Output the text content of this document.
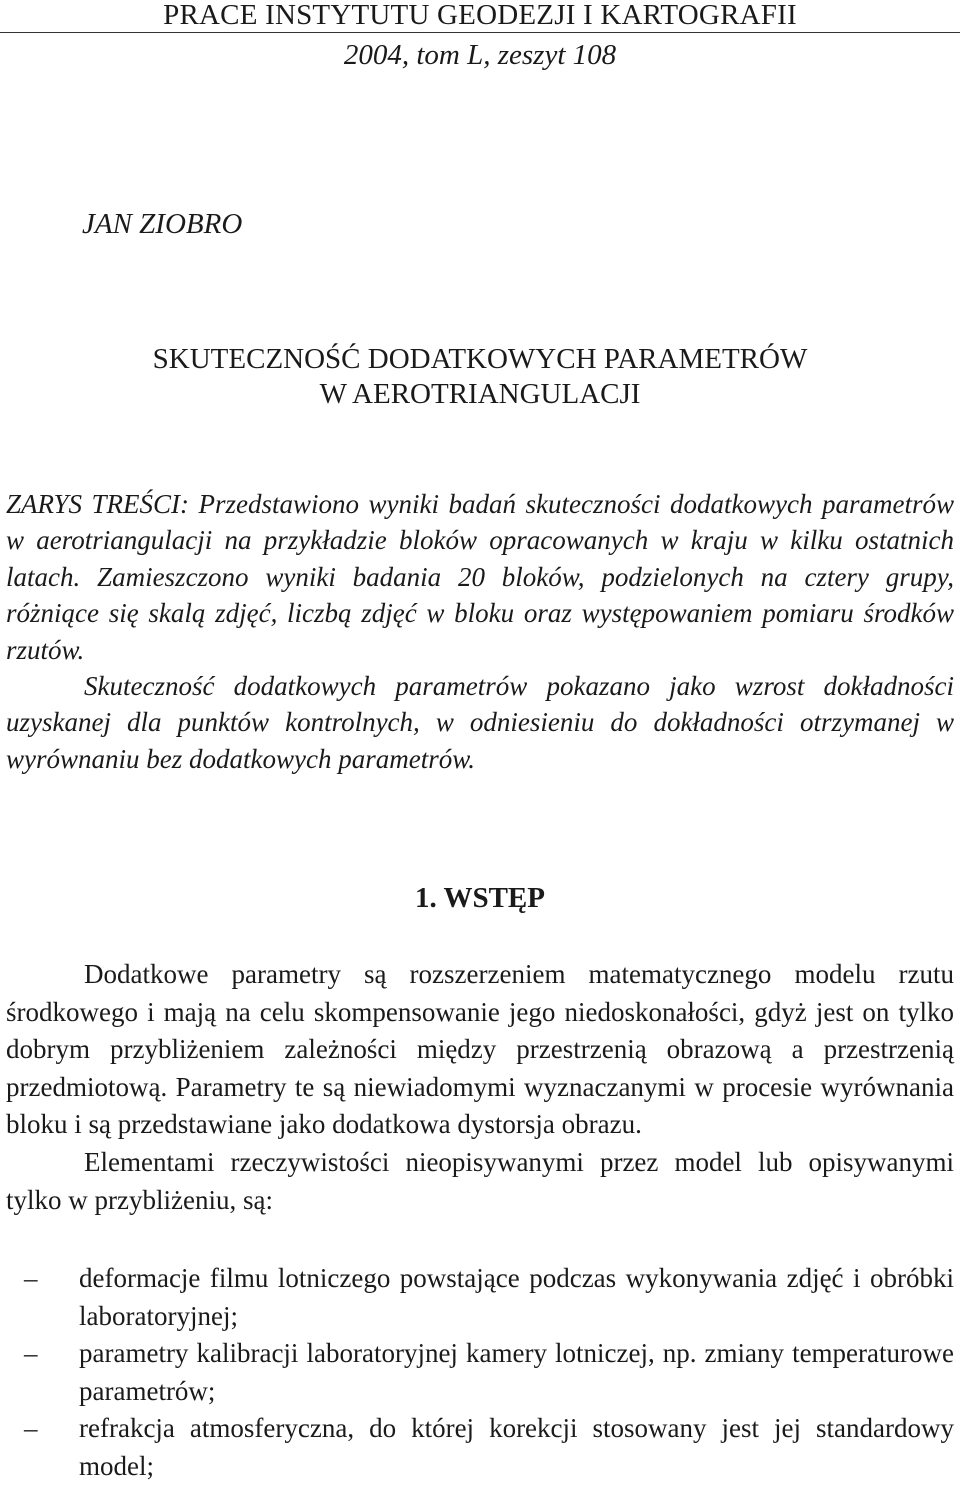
PRACE INSTYTUTU GEODEZJI I KARTOGRAFII
2004, tom L, zeszyt 108
JAN ZIOBRO
SKUTECZNOŚĆ DODATKOWYCH PARAMETRÓW
W AEROTRIANGULACJI

ZARYS TREŚCI: Przedstawiono wyniki badań skuteczności dodatkowych parametrów w aerotriangulacji na przykładzie bloków opracowanych w kraju w kilku ostatnich latach. Zamieszczono wyniki badania 20 bloków, podzielonych na cztery grupy, różniące się skalą zdjęć, liczbą zdjęć w bloku oraz występowaniem pomiaru środków rzutów.

Skuteczność dodatkowych parametrów pokazano jako wzrost dokładności uzyskanej dla punktów kontrolnych, w odniesieniu do dokładności otrzymanej w wyrównaniu bez dodatkowych parametrów.

1. WSTĘP

Dodatkowe parametry są rozszerzeniem matematycznego modelu rzutu środkowego i mają na celu skompensowanie jego niedoskonałości, gdyż jest on tylko dobrym przybliżeniem zależności między przestrzenią obrazową a przestrzenią przedmiotową. Parametry te są niewiadomymi wyznaczanymi w procesie wyrównania bloku i są przedstawiane jako dodatkowa dystorsja obrazu.

Elementami rzeczywistości nieopisywanymi przez model lub opisywanymi tylko w przybliżeniu, są:

– deformacje filmu lotniczego powstające podczas wykonywania zdjęć i obróbki laboratoryjnej;
– parametry kalibracji laboratoryjnej kamery lotniczej, np. zmiany temperaturowe parametrów;
– refrakcja atmosferyczna, do której korekcji stosowany jest jej standardowy model;
